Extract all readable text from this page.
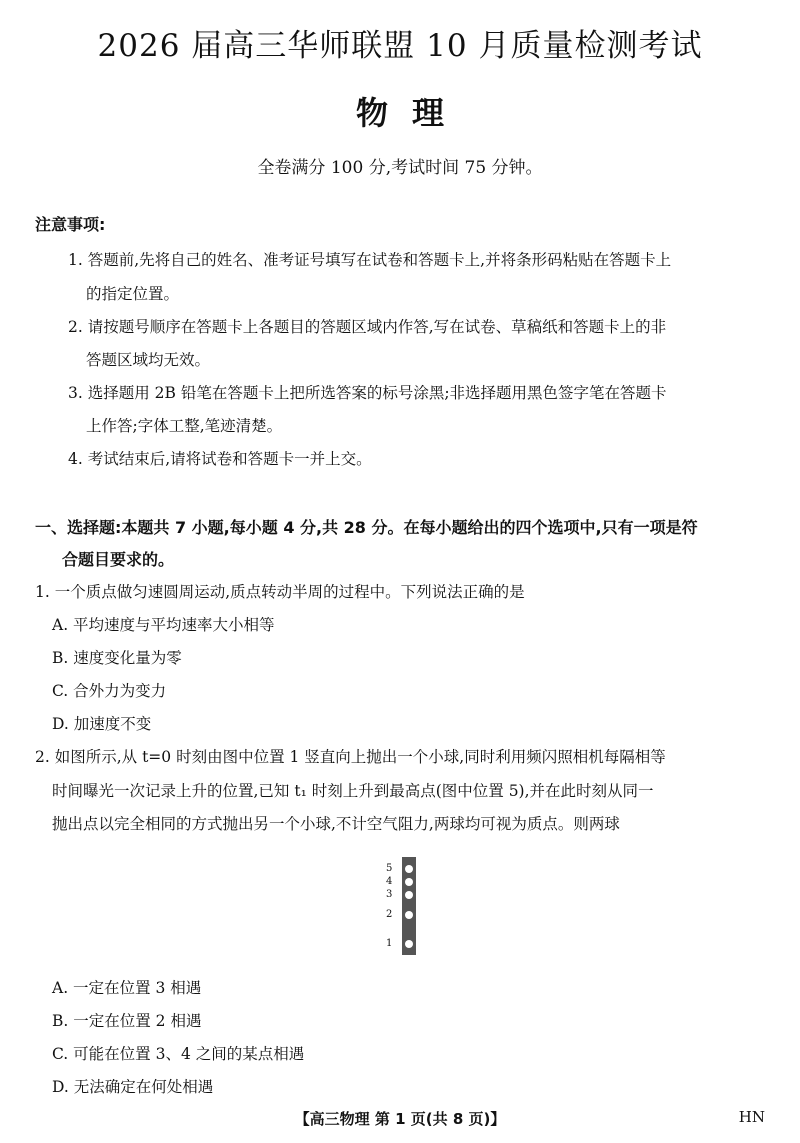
2026 届高三华师联盟 10 月质量检测考试
物理
全卷满分 100 分,考试时间 75 分钟。
注意事项:
1. 答题前,先将自己的姓名、准考证号填写在试卷和答题卡上,并将条形码粘贴在答题卡上
的指定位置。
2. 请按题号顺序在答题卡上各题目的答题区域内作答,写在试卷、草稿纸和答题卡上的非
答题区域均无效。
3. 选择题用 2B 铅笔在答题卡上把所选答案的标号涂黑;非选择题用黑色签字笔在答题卡
上作答;字体工整,笔迹清楚。
4. 考试结束后,请将试卷和答题卡一并上交。
一、选择题:本题共 7 小题,每小题 4 分,共 28 分。在每小题给出的四个选项中,只有一项是符
合题目要求的。
1. 一个质点做匀速圆周运动,质点转动半周的过程中。下列说法正确的是
A. 平均速度与平均速率大小相等
B. 速度变化量为零
C. 合外力为变力
D. 加速度不变
2. 如图所示,从 t=0 时刻由图中位置 1 竖直向上抛出一个小球,同时利用频闪照相机每隔相等
时间曝光一次记录上升的位置,已知 t₁ 时刻上升到最高点(图中位置 5),并在此时刻从同一
抛出点以完全相同的方式抛出另一个小球,不计空气阻力,两球均可视为质点。则两球
5
4
3
2
1
A. 一定在位置 3 相遇
B. 一定在位置 2 相遇
C. 可能在位置 3、4 之间的某点相遇
D. 无法确定在何处相遇
【高三物理 第 1 页(共 8 页)】	HN
